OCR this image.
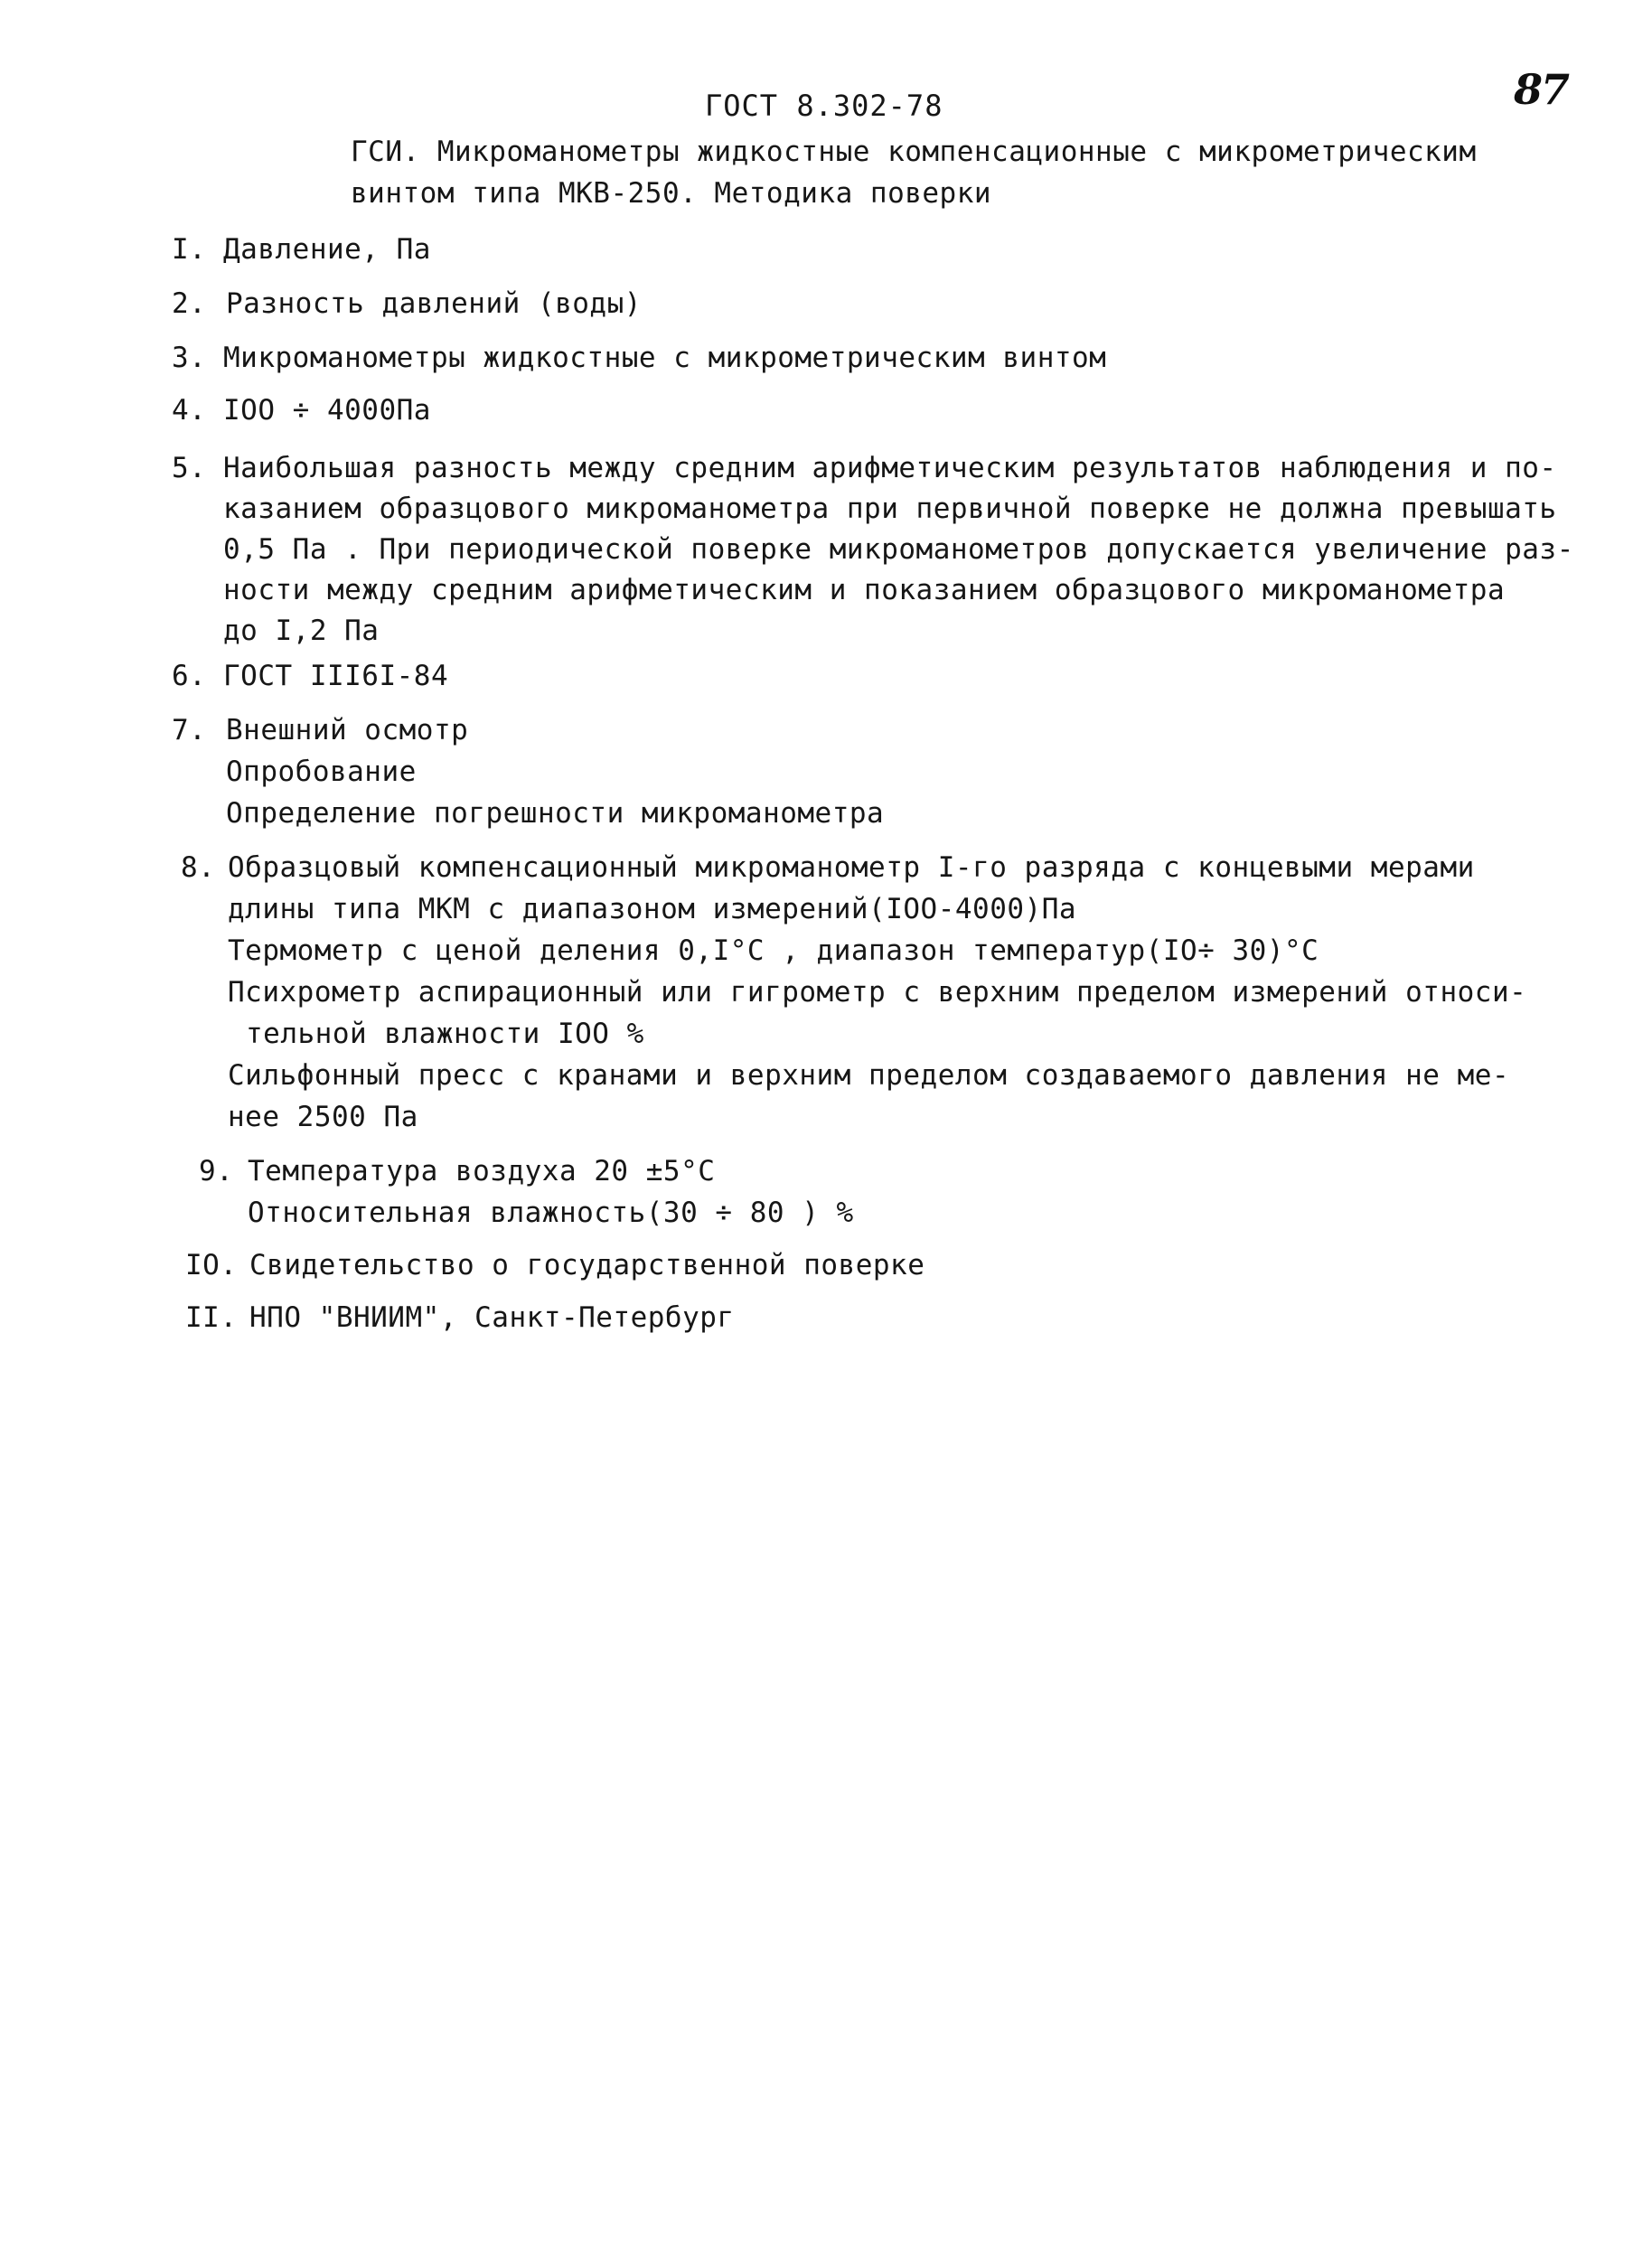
87
ГОСТ 8.302-78
ГСИ. Микроманометры жидкостные компенсационные с микрометрическим
винтом типа МКВ-250. Методика поверки
I. Давление, Па
2. Разность давлений (воды)
3. Микроманометры жидкостные с микрометрическим винтом
4. IOO ÷ 4000Па
5. Наибольшая разность между средним арифметическим результатов наблюдения и по-
казанием образцового микроманометра при первичной поверке не должна превышать
0,5 Па . При периодической поверке микроманометров допускается увеличение раз-
ности между средним арифметическим и показанием образцового микроманометра
до I,2 Па
6. ГОСТ III6I-84
7. Внешний осмотр
Опробование
Определение погрешности микроманометра
8. Образцовый компенсационный микроманометр I-го разряда с концевыми мерами
длины типа МКМ с диапазоном измерений(IOO-4000)Па
Термометр с ценой деления 0,I°С , диапазон температур(IO÷ 30)°С
Психрометр аспирационный или гигрометр с верхним пределом измерений относи-
тельной влажности IOO %
Сильфонный пресс с кранами и верхним пределом создаваемого давления не ме-
нее 2500 Па
9. Температура воздуха 20 ±5°С
Относительная влажность(30 ÷ 80 ) %
IO. Свидетельство о государственной поверке
II. НПО "ВНИИМ", Санкт-Петербург
